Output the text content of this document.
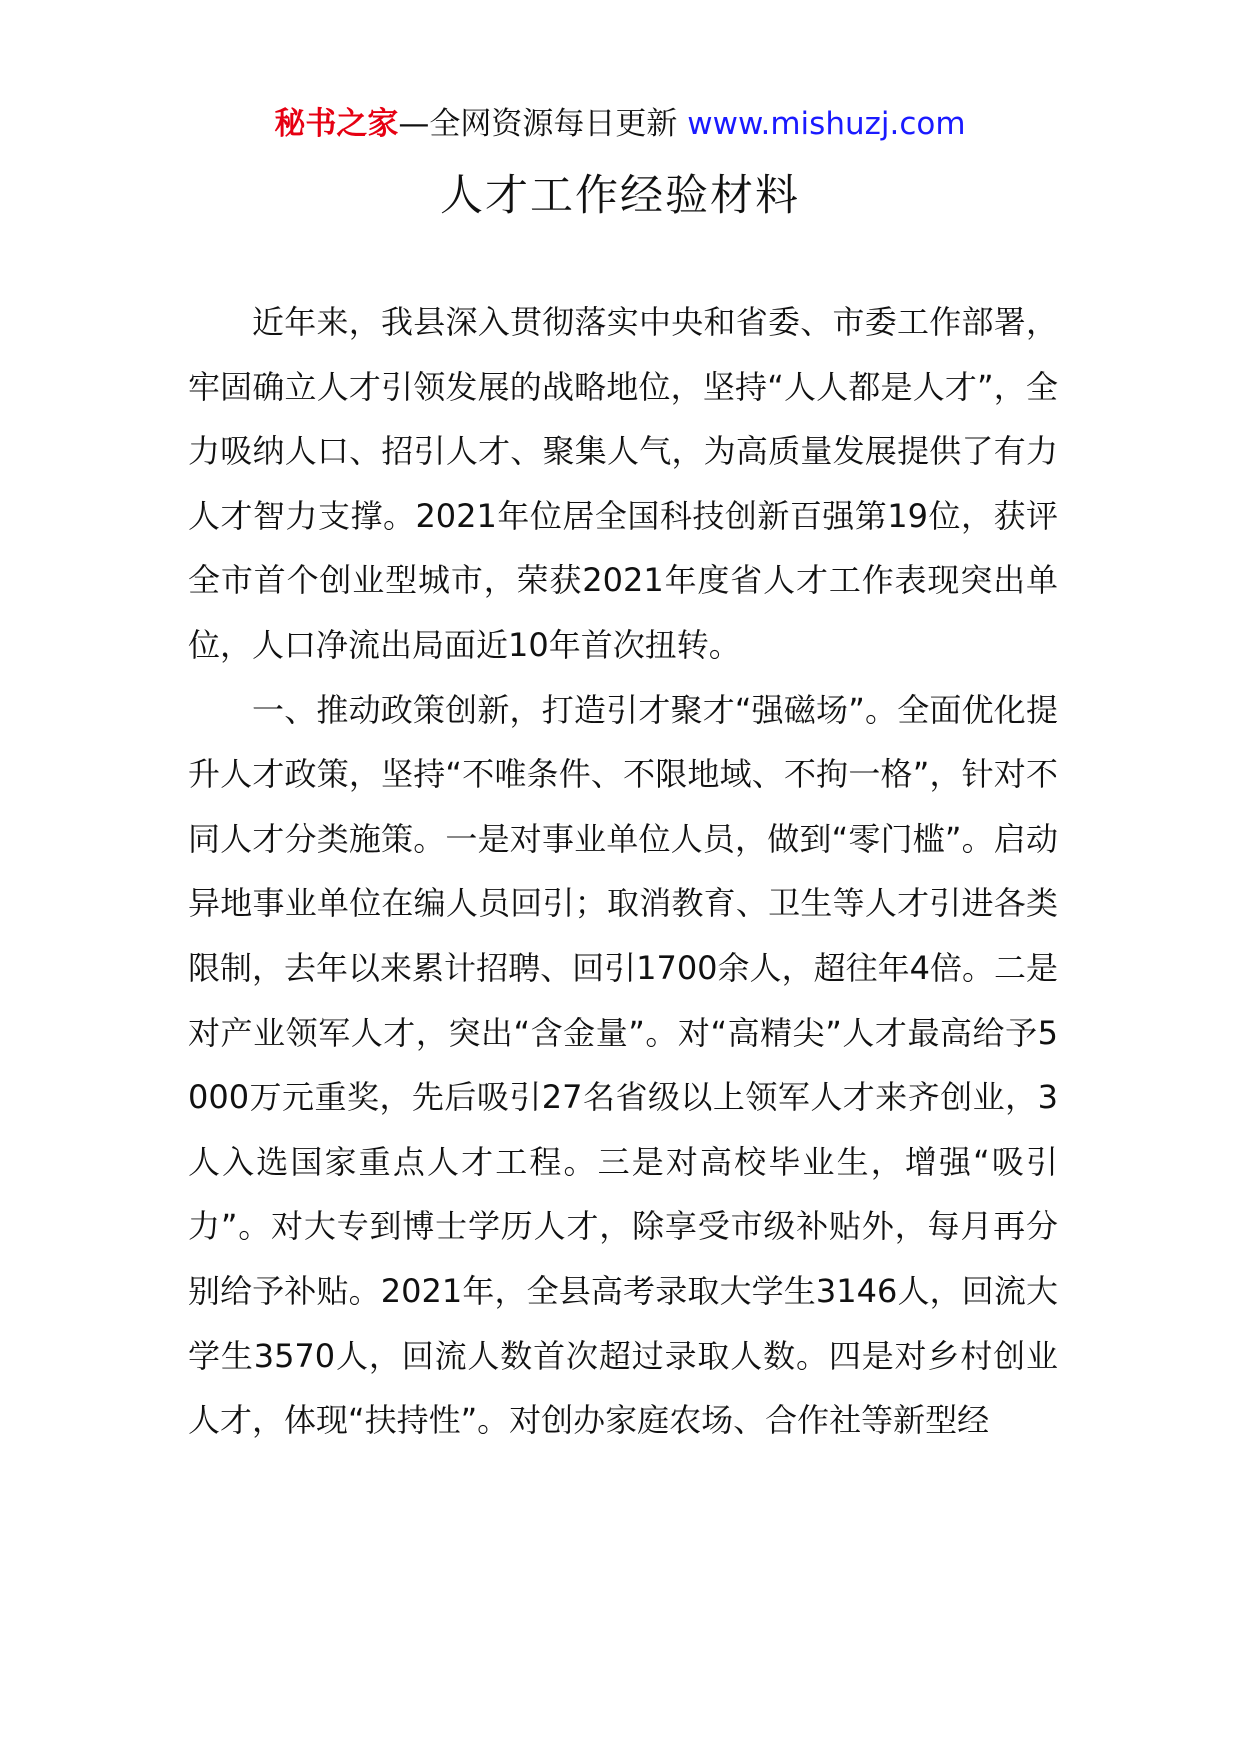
秘书之家—全网资源每日更新 www.mishuzj.com
人才工作经验材料

近年来，我县深入贯彻落实中央和省委、市委工作部署，牢固确立人才引领发展的战略地位，坚持“人人都是人才”，全力吸纳人口、招引人才、聚集人气，为高质量发展提供了有力人才智力支撑。2021年位居全国科技创新百强第19位，获评全市首个创业型城市，荣获2021年度省人才工作表现突出单位，人口净流出局面近10年首次扭转。

一、推动政策创新，打造引才聚才“强磁场”。全面优化提升人才政策，坚持“不唯条件、不限地域、不拘一格”，针对不同人才分类施策。一是对事业单位人员，做到“零门槛”。启动异地事业单位在编人员回引；取消教育、卫生等人才引进各类限制，去年以来累计招聘、回引1700余人，超往年4倍。二是对产业领军人才，突出“含金量”。对“高精尖”人才最高给予5000万元重奖，先后吸引27名省级以上领军人才来齐创业，3人入选国家重点人才工程。三是对高校毕业生，增强“吸引力”。对大专到博士学历人才，除享受市级补贴外，每月再分别给予补贴。2021年，全县高考录取大学生3146人，回流大学生3570人，回流人数首次超过录取人数。四是对乡村创业人才，体现“扶持性”。对创办家庭农场、合作社等新型经
